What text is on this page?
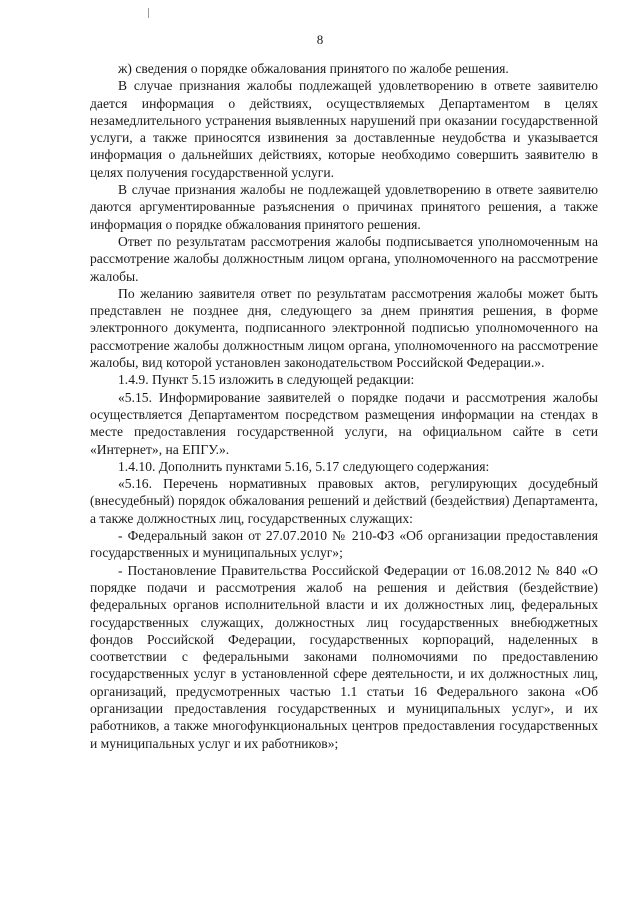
8

ж) сведения о порядке обжалования принятого по жалобе решения.

В случае признания жалобы подлежащей удовлетворению в ответе заявителю дается информация о действиях, осуществляемых Департаментом в целях незамедлительного устранения выявленных нарушений при оказании государственной услуги, а также приносятся извинения за доставленные неудобства и указывается информация о дальнейших действиях, которые необходимо совершить заявителю в целях получения государственной услуги.

В случае признания жалобы не подлежащей удовлетворению в ответе заявителю даются аргументированные разъяснения о причинах принятого решения, а также информация о порядке обжалования принятого решения.

Ответ по результатам рассмотрения жалобы подписывается уполномоченным на рассмотрение жалобы должностным лицом органа, уполномоченного на рассмотрение жалобы.

По желанию заявителя ответ по результатам рассмотрения жалобы может быть представлен не позднее дня, следующего за днем принятия решения, в форме электронного документа, подписанного электронной подписью уполномоченного на рассмотрение жалобы должностным лицом органа, уполномоченного на рассмотрение жалобы, вид которой установлен законодательством Российской Федерации.».

1.4.9. Пункт 5.15 изложить в следующей редакции:

«5.15. Информирование заявителей о порядке подачи и рассмотрения жалобы осуществляется Департаментом посредством размещения информации на стендах в месте предоставления государственной услуги, на официальном сайте в сети «Интернет», на ЕПГУ.».

1.4.10. Дополнить пунктами 5.16, 5.17 следующего содержания:

«5.16. Перечень нормативных правовых актов, регулирующих досудебный (внесудебный) порядок обжалования решений и действий (бездействия) Департамента, а также должностных лиц, государственных служащих:

- Федеральный закон от 27.07.2010 № 210-ФЗ «Об организации предоставления государственных и муниципальных услуг»;

- Постановление Правительства Российской Федерации от 16.08.2012 № 840 «О порядке подачи и рассмотрения жалоб на решения и действия (бездействие) федеральных органов исполнительной власти и их должностных лиц, федеральных государственных служащих, должностных лиц государственных внебюджетных фондов Российской Федерации, государственных корпораций, наделенных в соответствии с федеральными законами полномочиями по предоставлению государственных услуг в установленной сфере деятельности, и их должностных лиц, организаций, предусмотренных частью 1.1 статьи 16 Федерального закона «Об организации предоставления государственных и муниципальных услуг», и их работников, а также многофункциональных центров предоставления государственных и муниципальных услуг и их работников»;
